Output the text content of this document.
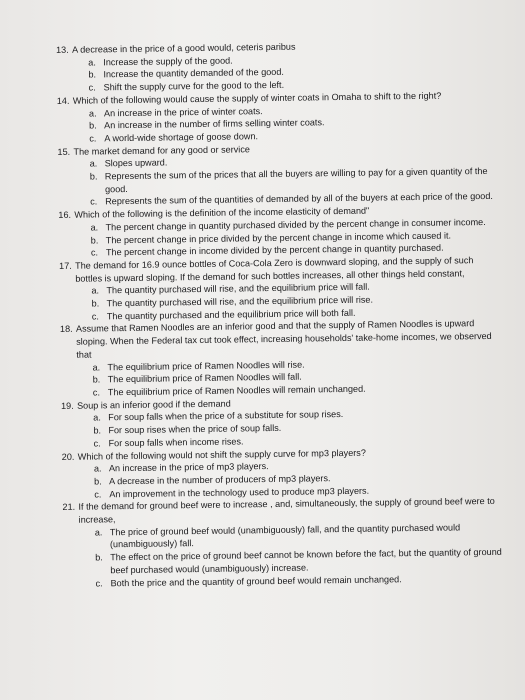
13. A decrease in the price of a good would, ceteris paribus
a. Increase the supply of the good.
b. Increase the quantity demanded of the good.
c. Shift the supply curve for the good to the left.
14. Which of the following would cause the supply of winter coats in Omaha to shift to the right?
a. An increase in the price of winter coats.
b. An increase in the number of firms selling winter coats.
c. A world-wide shortage of goose down.
15. The market demand for any good or service
a. Slopes upward.
b. Represents the sum of the prices that all the buyers are willing to pay for a given quantity of the good.
c. Represents the sum of the quantities of demanded by all of the buyers at each price of the good.
16. Which of the following is the definition of the income elasticity of demand"
a. The percent change in quantity purchased divided by the percent change in consumer income.
b. The percent change in price divided by the percent change in income which caused it.
c. The percent change in income divided by the percent change in quantity purchased.
17. The demand for 16.9 ounce bottles of Coca-Cola Zero is downward sloping, and the supply of such bottles is upward sloping. If the demand for such bottles increases, all other things held constant,
a. The quantity purchased will rise, and the equilibrium price will fall.
b. The quantity purchased will rise, and the equilibrium price will rise.
c. The quantity purchased and the equilibrium price will both fall.
18. Assume that Ramen Noodles are an inferior good and that the supply of Ramen Noodles is upward sloping. When the Federal tax cut took effect, increasing households' take-home incomes, we observed that
a. The equilibrium price of Ramen Noodles will rise.
b. The equilibrium price of Ramen Noodles will fall.
c. The equilibrium price of Ramen Noodles will remain unchanged.
19. Soup is an inferior good if the demand
a. For soup falls when the price of a substitute for soup rises.
b. For soup rises when the price of soup falls.
c. For soup falls when income rises.
20. Which of the following would not shift the supply curve for mp3 players?
a. An increase in the price of mp3 players.
b. A decrease in the number of producers of mp3 players.
c. An improvement in the technology used to produce mp3 players.
21. If the demand for ground beef were to increase , and, simultaneously, the supply of ground beef were to increase,
a. The price of ground beef would (unambiguously) fall, and the quantity purchased would (unambiguously) fall.
b. The effect on the price of ground beef cannot be known before the fact, but the quantity of ground beef purchased would (unambiguously) increase.
c. Both the price and the quantity of ground beef would remain unchanged.
